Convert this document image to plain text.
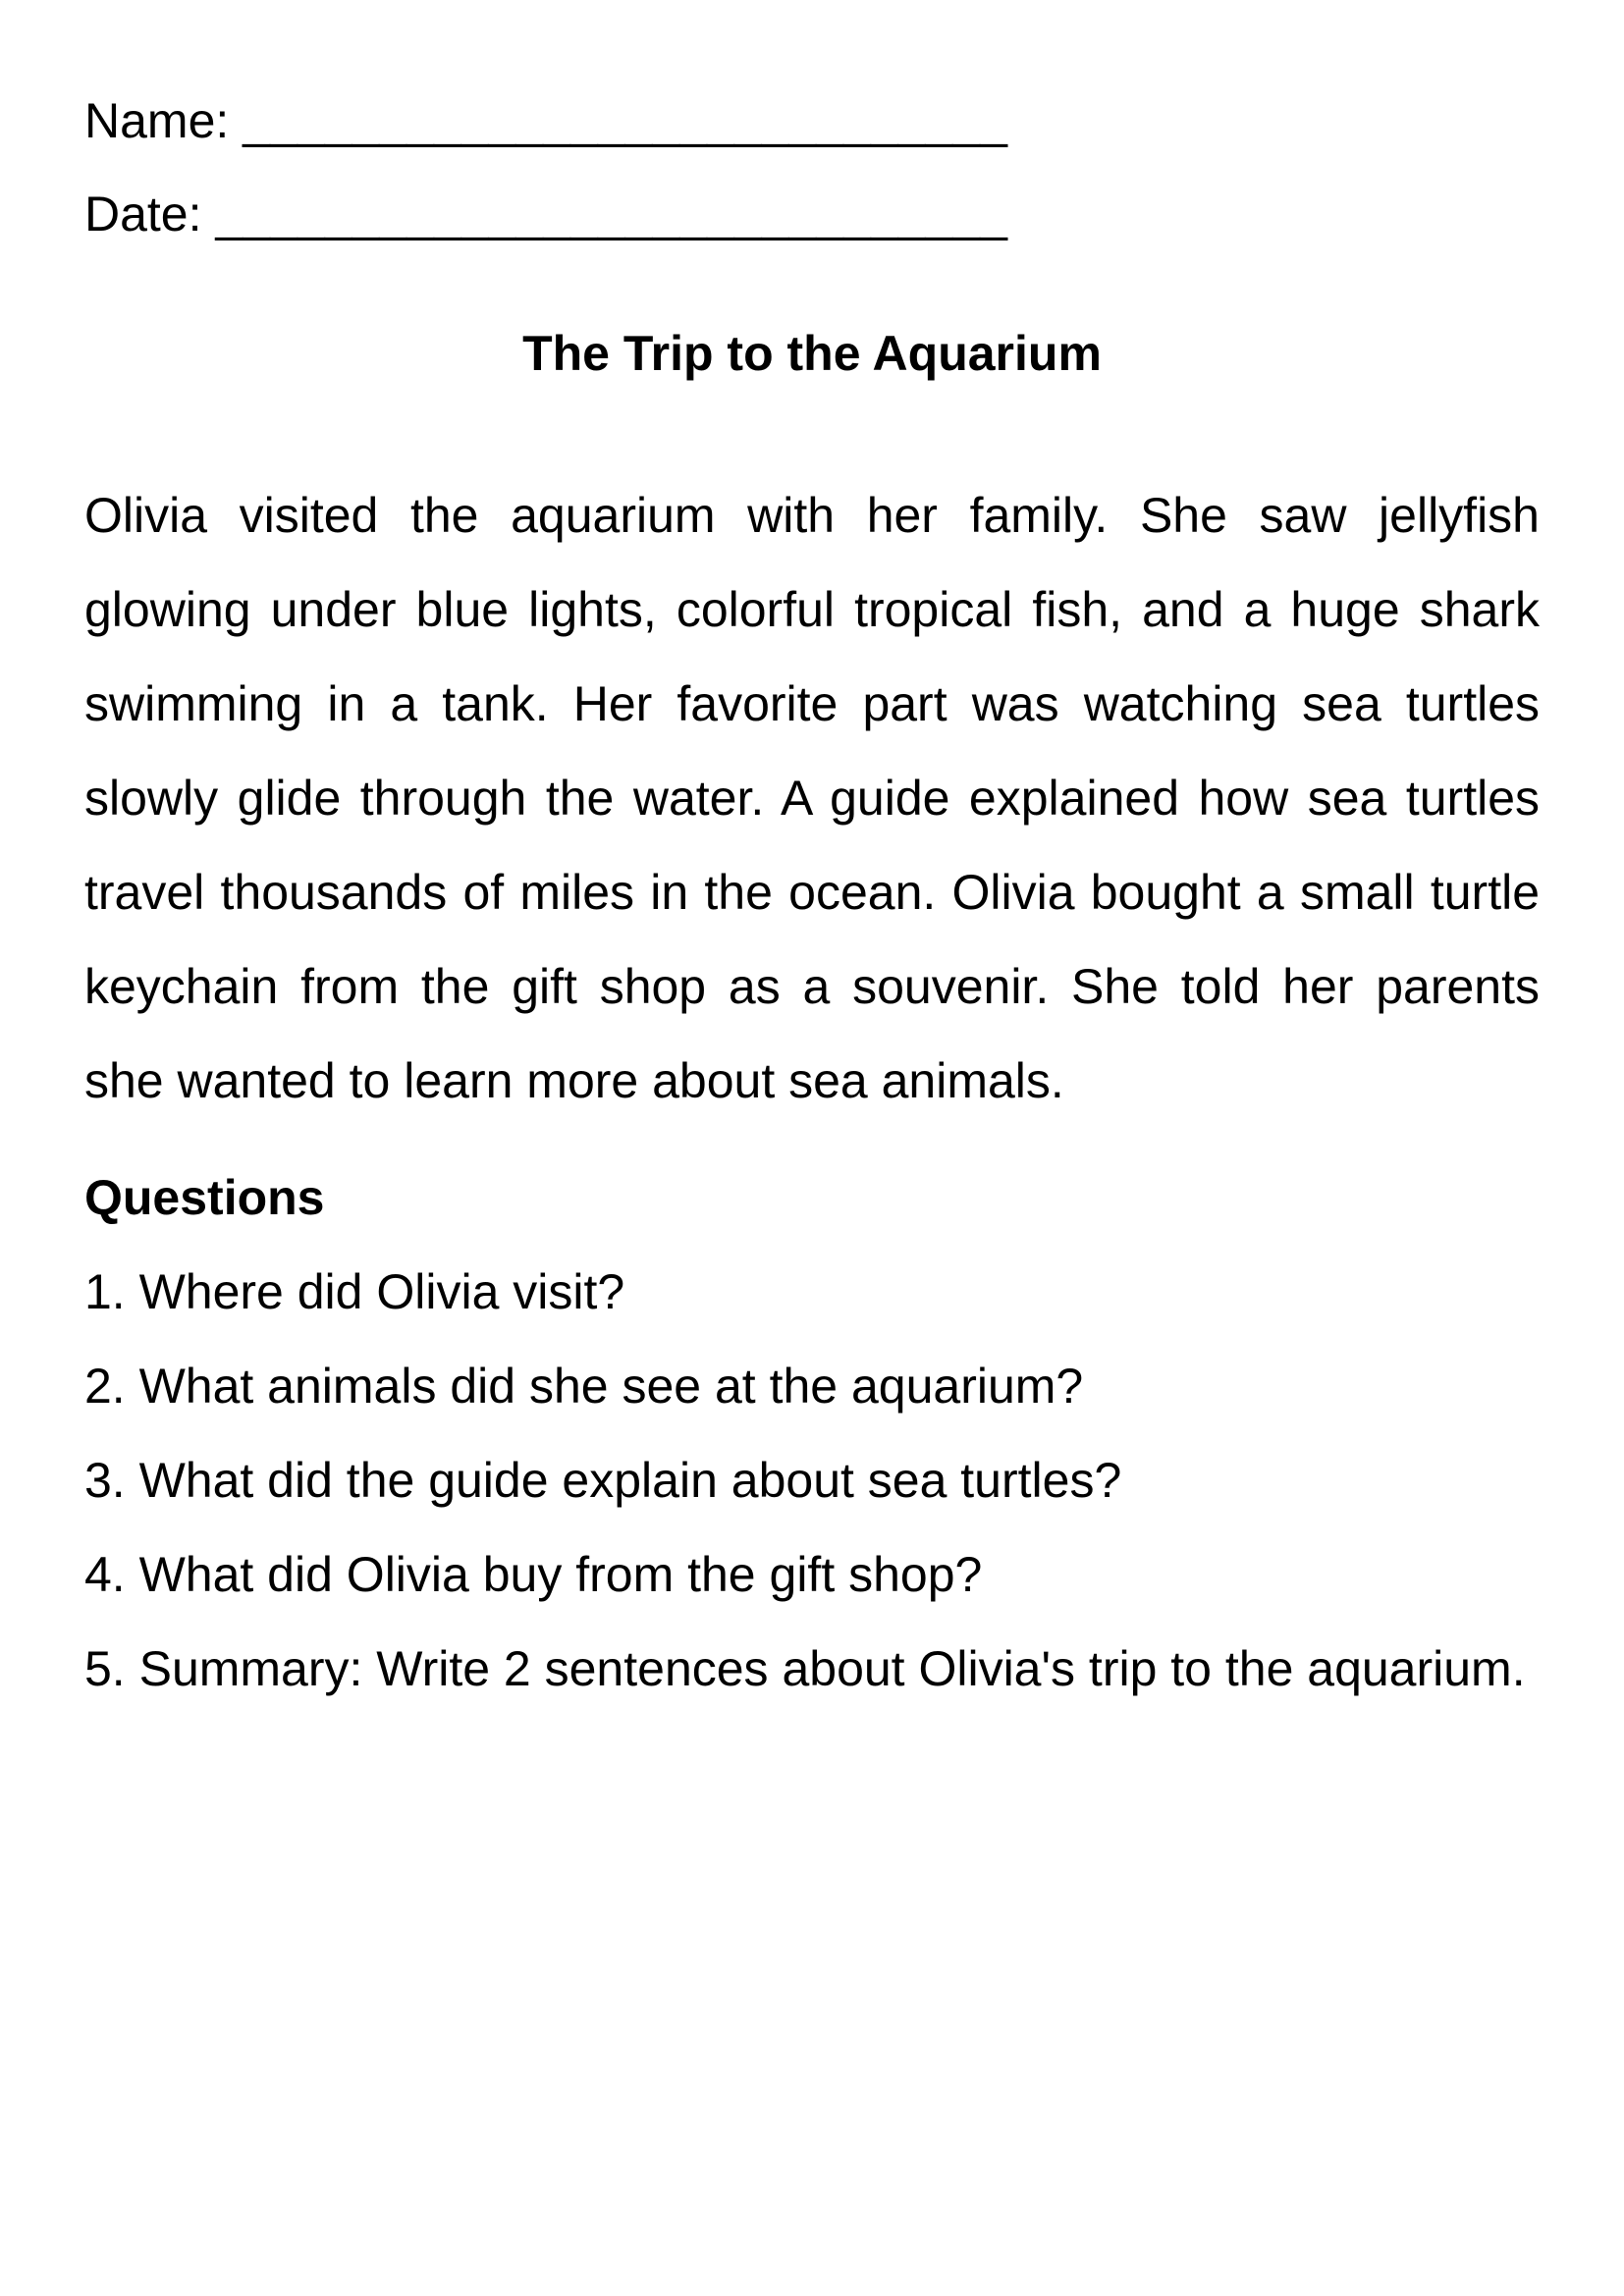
Name: ____________________________
Date: _____________________________
The Trip to the Aquarium
Olivia visited the aquarium with her family. She saw jellyfish
glowing under blue lights, colorful tropical fish, and a huge shark
swimming in a tank. Her favorite part was watching sea turtles
slowly glide through the water. A guide explained how sea turtles
travel thousands of miles in the ocean. Olivia bought a small turtle
keychain from the gift shop as a souvenir. She told her parents
she wanted to learn more about sea animals.
Questions
1. Where did Olivia visit?
2. What animals did she see at the aquarium?
3. What did the guide explain about sea turtles?
4. What did Olivia buy from the gift shop?
5. Summary: Write 2 sentences about Olivia's trip to the aquarium.
